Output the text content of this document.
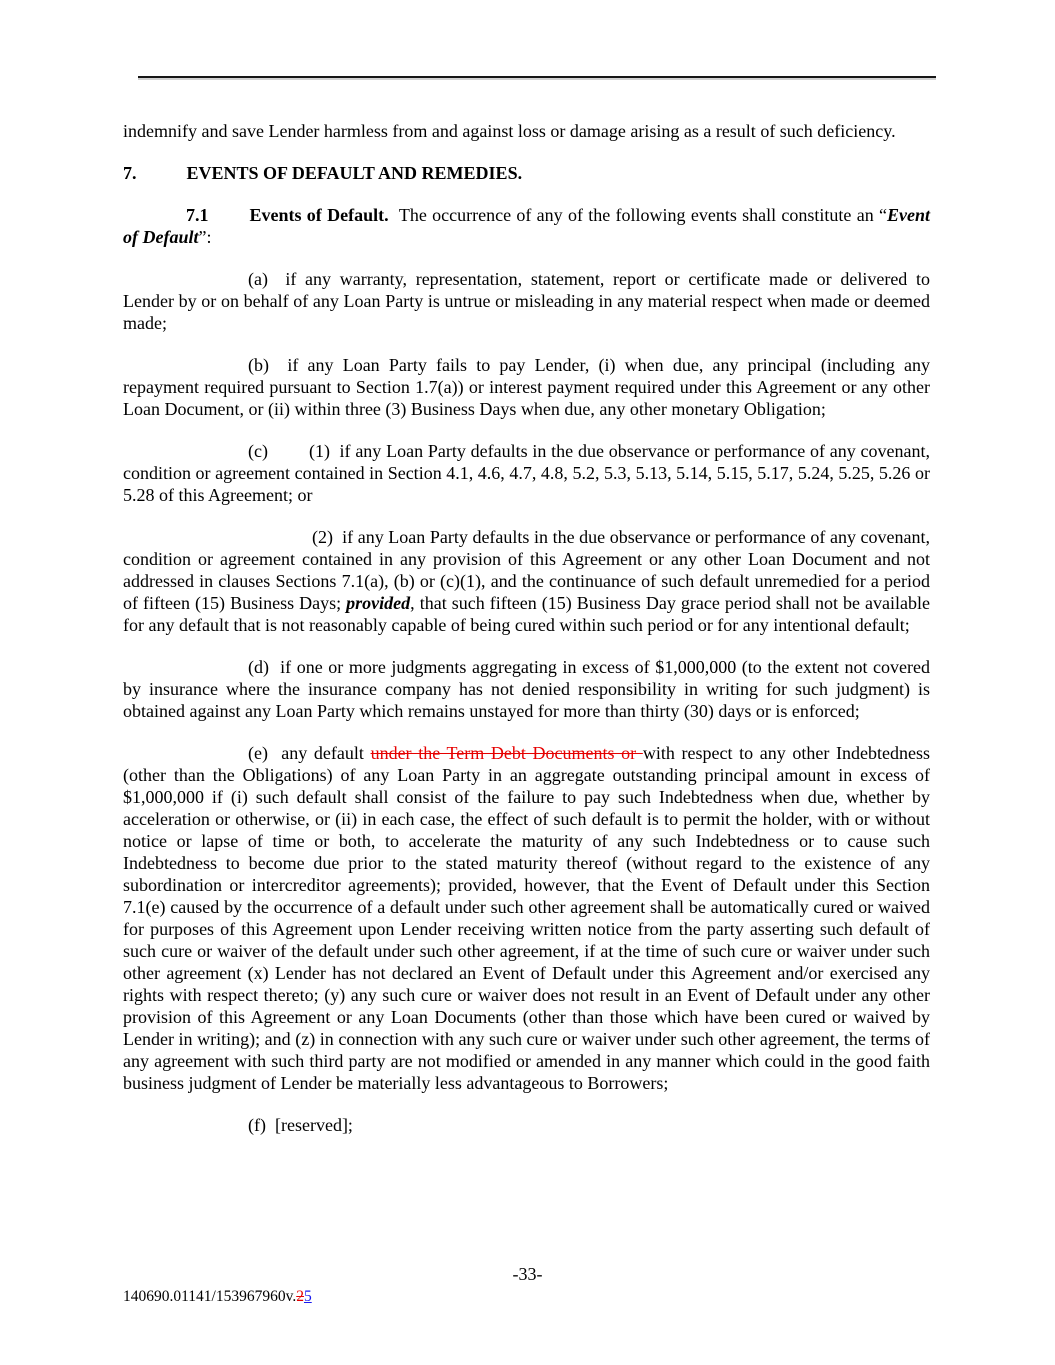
indemnify and save Lender harmless from and against loss or damage arising as a result of such deficiency.

7.	EVENTS OF DEFAULT AND REMEDIES.

7.1 Events of Default.  The occurrence of any of the following events shall constitute an “Event of Default”:

(a)  if any warranty, representation, statement, report or certificate made or delivered to Lender by or on behalf of any Loan Party is untrue or misleading in any material respect when made or deemed made;

(b)  if any Loan Party fails to pay Lender, (i) when due, any principal (including any repayment required pursuant to Section 1.7(a)) or interest payment required under this Agreement or any other Loan Document, or (ii) within three (3) Business Days when due, any other monetary Obligation;

(c) (1)  if any Loan Party defaults in the due observance or performance of any covenant, condition or agreement contained in Section 4.1, 4.6, 4.7, 4.8, 5.2, 5.3, 5.13, 5.14, 5.15, 5.17, 5.24, 5.25, 5.26 or 5.28 of this Agreement; or

(2)  if any Loan Party defaults in the due observance or performance of any covenant, condition or agreement contained in any provision of this Agreement or any other Loan Document and not addressed in clauses Sections 7.1(a), (b) or (c)(1), and the continuance of such default unremedied for a period of fifteen (15) Business Days; provided, that such fifteen (15) Business Day grace period shall not be available for any default that is not reasonably capable of being cured within such period or for any intentional default;

(d)  if one or more judgments aggregating in excess of $1,000,000 (to the extent not covered by insurance where the insurance company has not denied responsibility in writing for such judgment) is obtained against any Loan Party which remains unstayed for more than thirty (30) days or is enforced;

(e)  any default under the Term Debt Documents or with respect to any other Indebtedness (other than the Obligations) of any Loan Party in an aggregate outstanding principal amount in excess of $1,000,000 if (i) such default shall consist of the failure to pay such Indebtedness when due, whether by acceleration or otherwise, or (ii) in each case, the effect of such default is to permit the holder, with or without notice or lapse of time or both, to accelerate the maturity of any such Indebtedness or to cause such Indebtedness to become due prior to the stated maturity thereof (without regard to the existence of any subordination or intercreditor agreements); provided, however, that the Event of Default under this Section 7.1(e) caused by the occurrence of a default under such other agreement shall be automatically cured or waived for purposes of this Agreement upon Lender receiving written notice from the party asserting such default of such cure or waiver of the default under such other agreement, if at the time of such cure or waiver under such other agreement (x) Lender has not declared an Event of Default under this Agreement and/or exercised any rights with respect thereto; (y) any such cure or waiver does not result in an Event of Default under any other provision of this Agreement or any Loan Documents (other than those which have been cured or waived by Lender in writing); and (z) in connection with any such cure or waiver under such other agreement, the terms of any agreement with such third party are not modified or amended in any manner which could in the good faith business judgment of Lender be materially less advantageous to Borrowers;

(f)  [reserved];

-33-
140690.01141/153967960v.25
